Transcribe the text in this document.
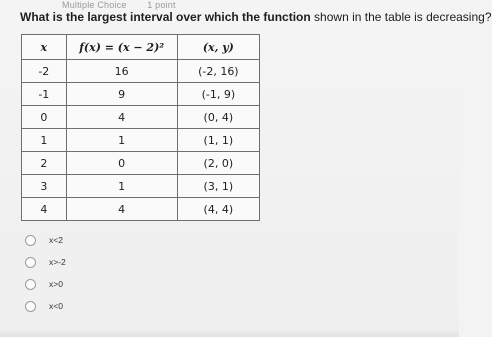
Multiple Choice 1 point
What is the largest interval over which the function shown in the table is decreasing?
x	f(x) = (x − 2)²	(x, y)
-2	16	(-2, 16)
-1	9	(-1, 9)
0	4	(0, 4)
1	1	(1, 1)
2	0	(2, 0)
3	1	(3, 1)
4	4	(4, 4)
x<2
x>-2
x>0
x<0
